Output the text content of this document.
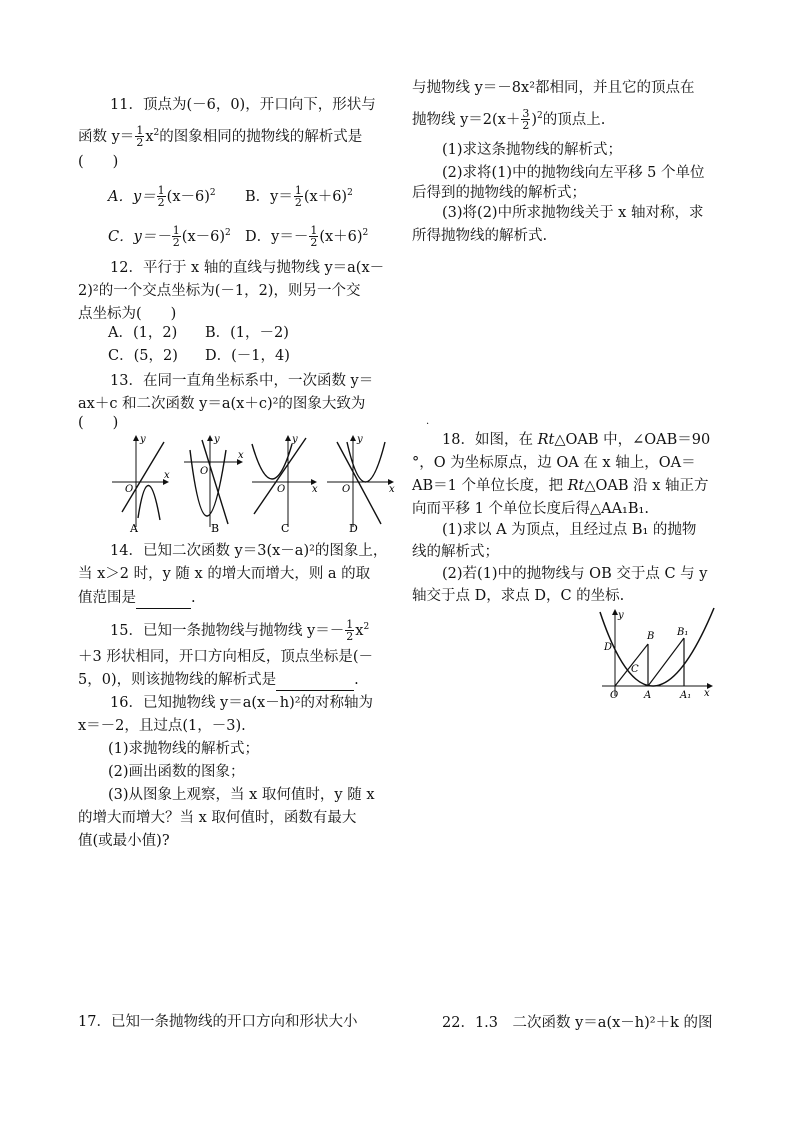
11．顶点为(－6，0)，开口向下，形状与
函数 $y= \frac{1}{2} x^2$的图象相同的抛物线的解析式是
(　　)
A．$y= \frac{1}{2} (x-6)^2$ B．$y= \frac{1}{2} (x+6)^2$
C．$y=- \frac{1}{2} (x-6)^2$ D．$y=- \frac{1}{2} (x+6)^2$
12．平行于 x 轴的直线与抛物线 y＝a(x－
2)²的一个交点坐标为(－1，2)，则另一个交
点坐标为(　　)
A．(1，2) B．(1，－2)
C．(5，2) D．(－1，4)
13．在同一直角坐标系中，一次函数 y＝
ax＋c 和二次函数 y＝a(x＋c)²的图象大致为
(　　)
y
x
O
y
x
O
y
x
O
y
x
O
A	B	C	D
14．已知二次函数 y＝3(x－a)²的图象上，
当 x＞2 时，y 随 x 的增大而增大，则 a 的取
值范围是	.
15．已知一条抛物线与抛物线 $y=- \frac{1}{2} x^2$
＋3 形状相同，开口方向相反，顶点坐标是(－
5，0)，则该抛物线的解析式是	.
16．已知抛物线 y＝a(x－h)²的对称轴为
x＝－2，且过点(1，－3).
(1)求抛物线的解析式；
(2)画出函数的图象；
(3)从图象上观察，当 x 取何值时，y 随 x
的增大而增大？当 x 取何值时，函数有最大
值(或最小值)?
17．已知一条抛物线的开口方向和形状大小
与抛物线 y＝－8x²都相同，并且它的顶点在
抛物线 $y=2(x+ \frac{3}{2} )^2$的顶点上.
(1)求这条抛物线的解析式；
(2)求将(1)中的抛物线向左平移 5 个单位
后得到的抛物线的解析式；
(3)将(2)中所求抛物线关于 x 轴对称，求
所得抛物线的解析式.
.
18．如图，在 Rt△OAB 中，∠OAB＝90
°，O 为坐标原点，边 OA 在 x 轴上，OA＝
AB＝1 个单位长度，把 Rt△OAB 沿 x 轴正方
向而平移 1 个单位长度后得△AA₁B₁.
(1)求以 A 为顶点，且经过点 B₁ 的抛物
线的解析式；
(2)若(1)中的抛物线与 OB 交于点 C 与 y
轴交于点 D，求点 D，C 的坐标.
y
x
D
C
B B₁
O	A	A₁
22．1.3　二次函数 y＝a(x－h)²＋k 的图
